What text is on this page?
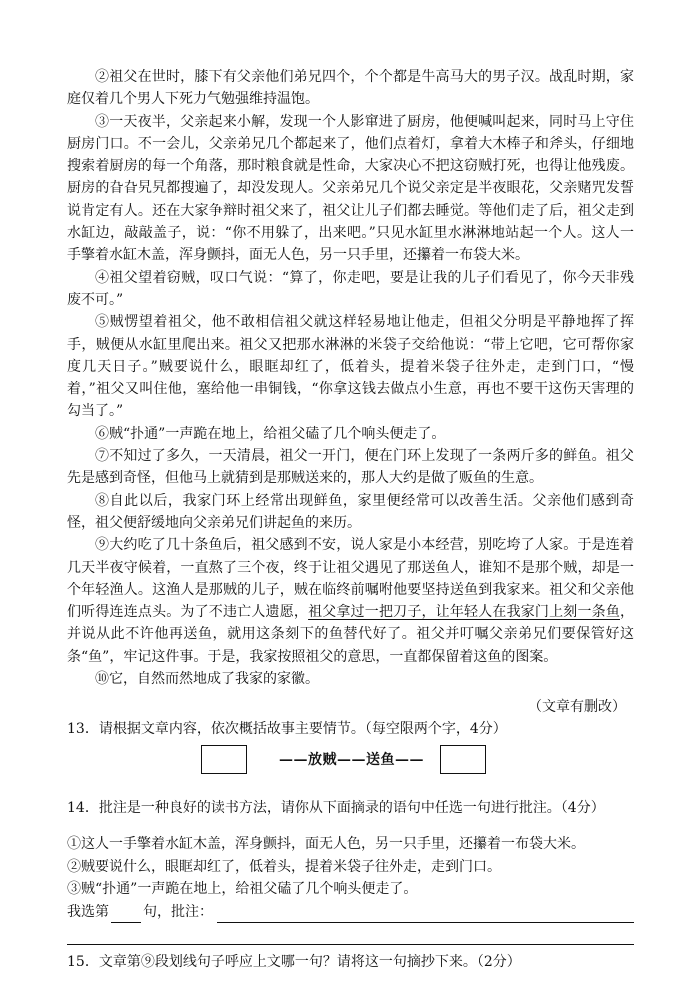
②祖父在世时，膝下有父亲他们弟兄四个，个个都是牛高马大的男子汉。战乱时期，家庭仅着几个男人下死力气勉强维持温饱。

③一天夜半，父亲起来小解，发现一个人影窜进了厨房，他便喊叫起来，同时马上守住厨房门口。不一会儿，父亲弟兄几个都起来了，他们点着灯，拿着大木棒子和斧头，仔细地搜索着厨房的每一个角落，那时粮食就是性命，大家决心不把这窃贼打死，也得让他残废。厨房的旮旮旯旯都搜遍了，却没发现人。父亲弟兄几个说父亲定是半夜眼花，父亲赌咒发誓说肯定有人。还在大家争辩时祖父来了，祖父让儿子们都去睡觉。等他们走了后，祖父走到水缸边，敲敲盖子，说：“你不用躲了，出来吧。”只见水缸里水淋淋地站起一个人。这人一手擎着水缸木盖，浑身颤抖，面无人色，另一只手里，还攥着一布袋大米。

④祖父望着窃贼，叹口气说：“算了，你走吧，要是让我的儿子们看见了，你今天非残废不可。”

⑤贼愣望着祖父，他不敢相信祖父就这样轻易地让他走，但祖父分明是平静地挥了挥手，贼便从水缸里爬出来。祖父又把那水淋淋的米袋子交给他说：“带上它吧，它可帮你家度几天日子。”贼要说什么，眼眶却红了，低着头，提着米袋子往外走，走到门口，“慢着，”祖父又叫住他，塞给他一串铜钱，“你拿这钱去做点小生意，再也不要干这伤天害理的勾当了。”

⑥贼“扑通”一声跪在地上，给祖父磕了几个响头便走了。

⑦不知过了多久，一天清晨，祖父一开门，便在门环上发现了一条两斤多的鲜鱼。祖父先是感到奇怪，但他马上就猜到是那贼送来的，那人大约是做了贩鱼的生意。

⑧自此以后，我家门环上经常出现鲜鱼，家里便经常可以改善生活。父亲他们感到奇怪，祖父便舒缓地向父亲弟兄们讲起鱼的来历。

⑨大约吃了几十条鱼后，祖父感到不安，说人家是小本经营，别吃垮了人家。于是连着几天半夜守候着，一直熬了三个夜，终于让祖父遇见了那送鱼人，谁知不是那个贼，却是一个年轻渔人。这渔人是那贼的儿子，贼在临终前嘱咐他要坚持送鱼到我家来。祖父和父亲他们听得连连点头。为了不违亡人遗愿，祖父拿过一把刀子，让年轻人在我家门上刻一条鱼，并说从此不许他再送鱼，就用这条刻下的鱼替代好了。祖父并叮嘱父亲弟兄们要保管好这条“鱼”，牢记这件事。于是，我家按照祖父的意思，一直都保留着这鱼的图案。

⑩它，自然而然地成了我家的家徽。

（文章有删改）
13．请根据文章内容，依次概括故事主要情节。（每空限两个字，4分）
——放贼——送鱼——
14．批注是一种良好的读书方法，请你从下面摘录的语句中任选一句进行批注。（4分）

①这人一手擎着水缸木盖，浑身颤抖，面无人色，另一只手里，还攥着一布袋大米。

②贼要说什么，眼眶却红了，低着头，提着米袋子往外走，走到门口。

③贼“扑通”一声跪在地上，给祖父磕了几个响头便走了。

我选第 句，批注：
15．文章第⑨段划线句子呼应上文哪一句？请将这一句摘抄下来。（2分）
